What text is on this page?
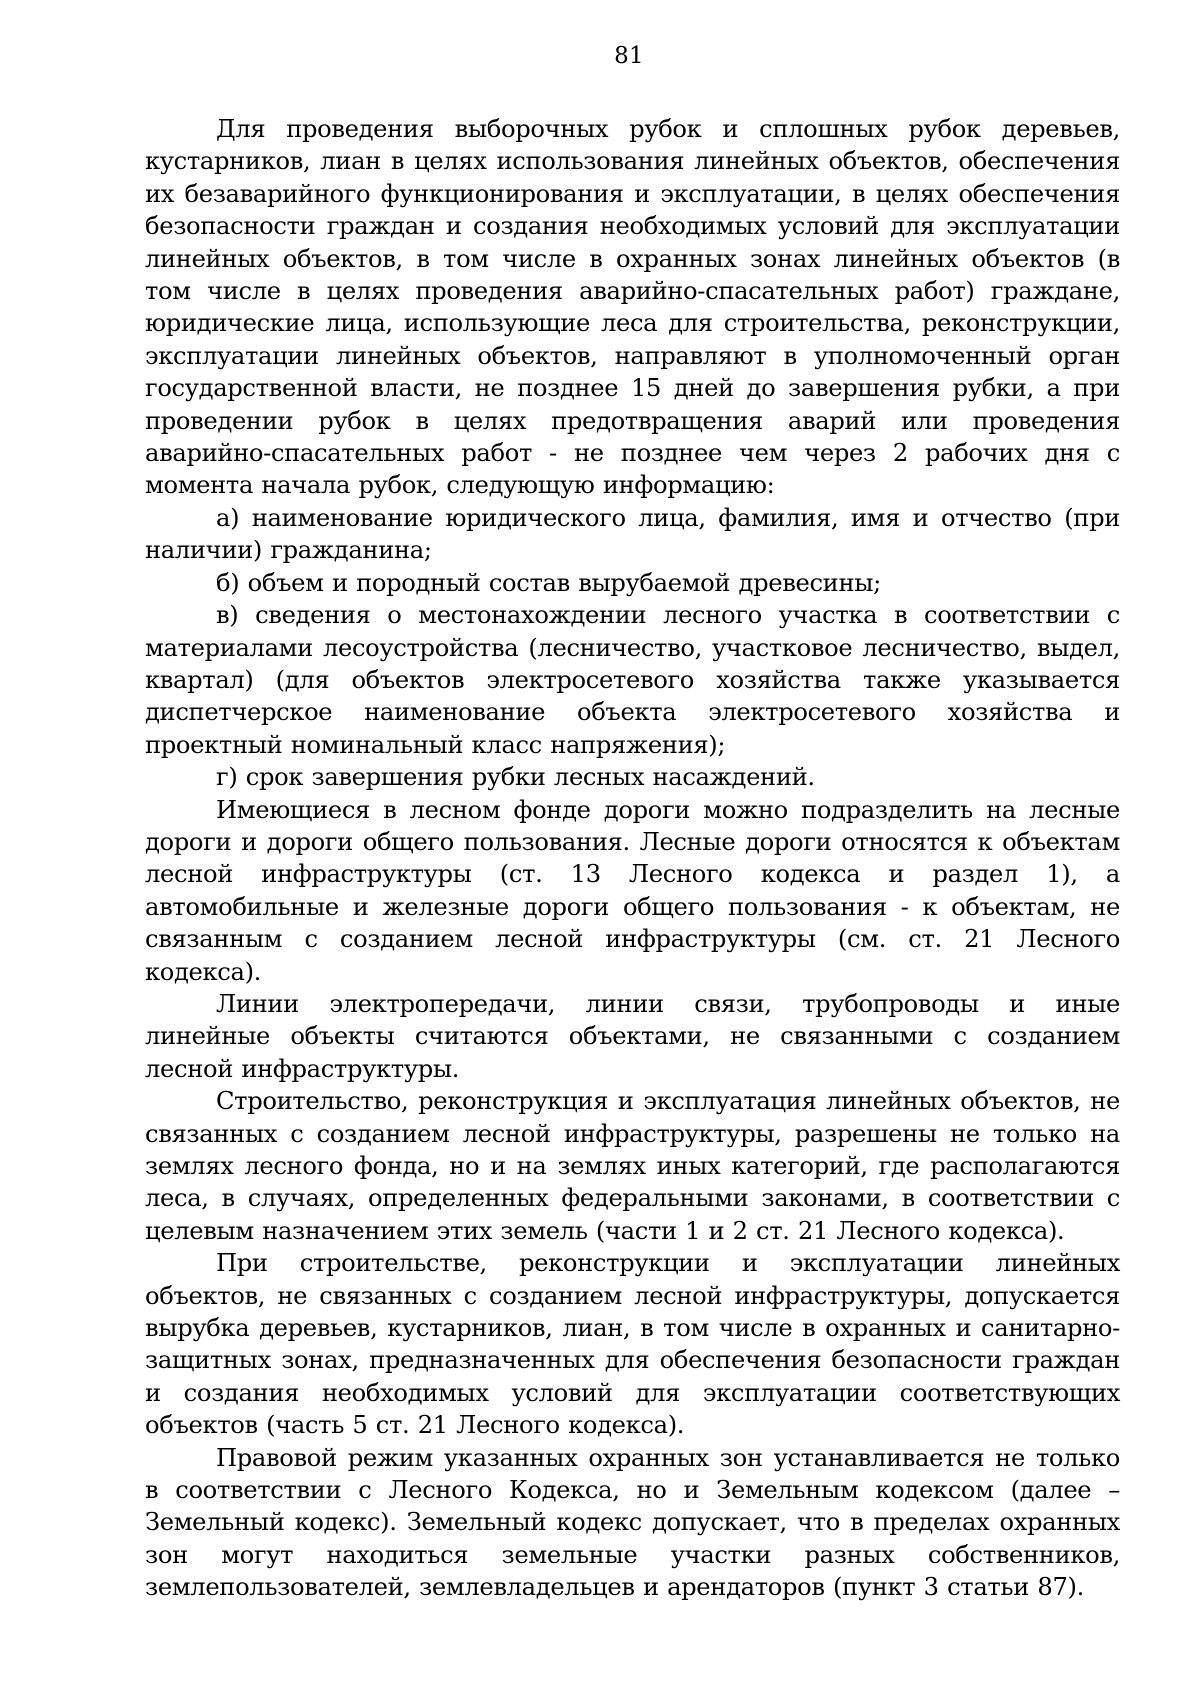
81

Для проведения выборочных рубок и сплошных рубок деревьев, кустарников, лиан в целях использования линейных объектов, обеспечения их безаварийного функционирования и эксплуатации, в целях обеспечения безопасности граждан и создания необходимых условий для эксплуатации линейных объектов, в том числе в охранных зонах линейных объектов (в том числе в целях проведения аварийно-спасательных работ) граждане, юридические лица, использующие леса для строительства, реконструкции, эксплуатации линейных объектов, направляют в уполномоченный орган государственной власти, не позднее 15 дней до завершения рубки, а при проведении рубок в целях предотвращения аварий или проведения аварийно-спасательных работ - не позднее чем через 2 рабочих дня с момента начала рубок, следующую информацию:

а) наименование юридического лица, фамилия, имя и отчество (при наличии) гражданина;

б) объем и породный состав вырубаемой древесины;

в) сведения о местонахождении лесного участка в соответствии с материалами лесоустройства (лесничество, участковое лесничество, выдел, квартал) (для объектов электросетевого хозяйства также указывается диспетчерское наименование объекта электросетевого хозяйства и проектный номинальный класс напряжения);

г) срок завершения рубки лесных насаждений.

Имеющиеся в лесном фонде дороги можно подразделить на лесные дороги и дороги общего пользования. Лесные дороги относятся к объектам лесной инфраструктуры (ст. 13 Лесного кодекса и раздел 1), а автомобильные и железные дороги общего пользования - к объектам, не связанным с созданием лесной инфраструктуры (см. ст. 21 Лесного кодекса).

Линии электропередачи, линии связи, трубопроводы и иные линейные объекты считаются объектами, не связанными с созданием лесной инфраструктуры.

Строительство, реконструкция и эксплуатация линейных объектов, не связанных с созданием лесной инфраструктуры, разрешены не только на землях лесного фонда, но и на землях иных категорий, где располагаются леса, в случаях, определенных федеральными законами, в соответствии с целевым назначением этих земель (части 1 и 2 ст. 21 Лесного кодекса).

При строительстве, реконструкции и эксплуатации линейных объектов, не связанных с созданием лесной инфраструктуры, допускается вырубка деревьев, кустарников, лиан, в том числе в охранных и санитарно-защитных зонах, предназначенных для обеспечения безопасности граждан и создания необходимых условий для эксплуатации соответствующих объектов (часть 5 ст. 21 Лесного кодекса).

Правовой режим указанных охранных зон устанавливается не только в соответствии с Лесного Кодекса, но и Земельным кодексом (далее – Земельный кодекс). Земельный кодекс допускает, что в пределах охранных зон могут находиться земельные участки разных собственников, землепользователей, землевладельцев и арендаторов (пункт 3 статьи 87).
